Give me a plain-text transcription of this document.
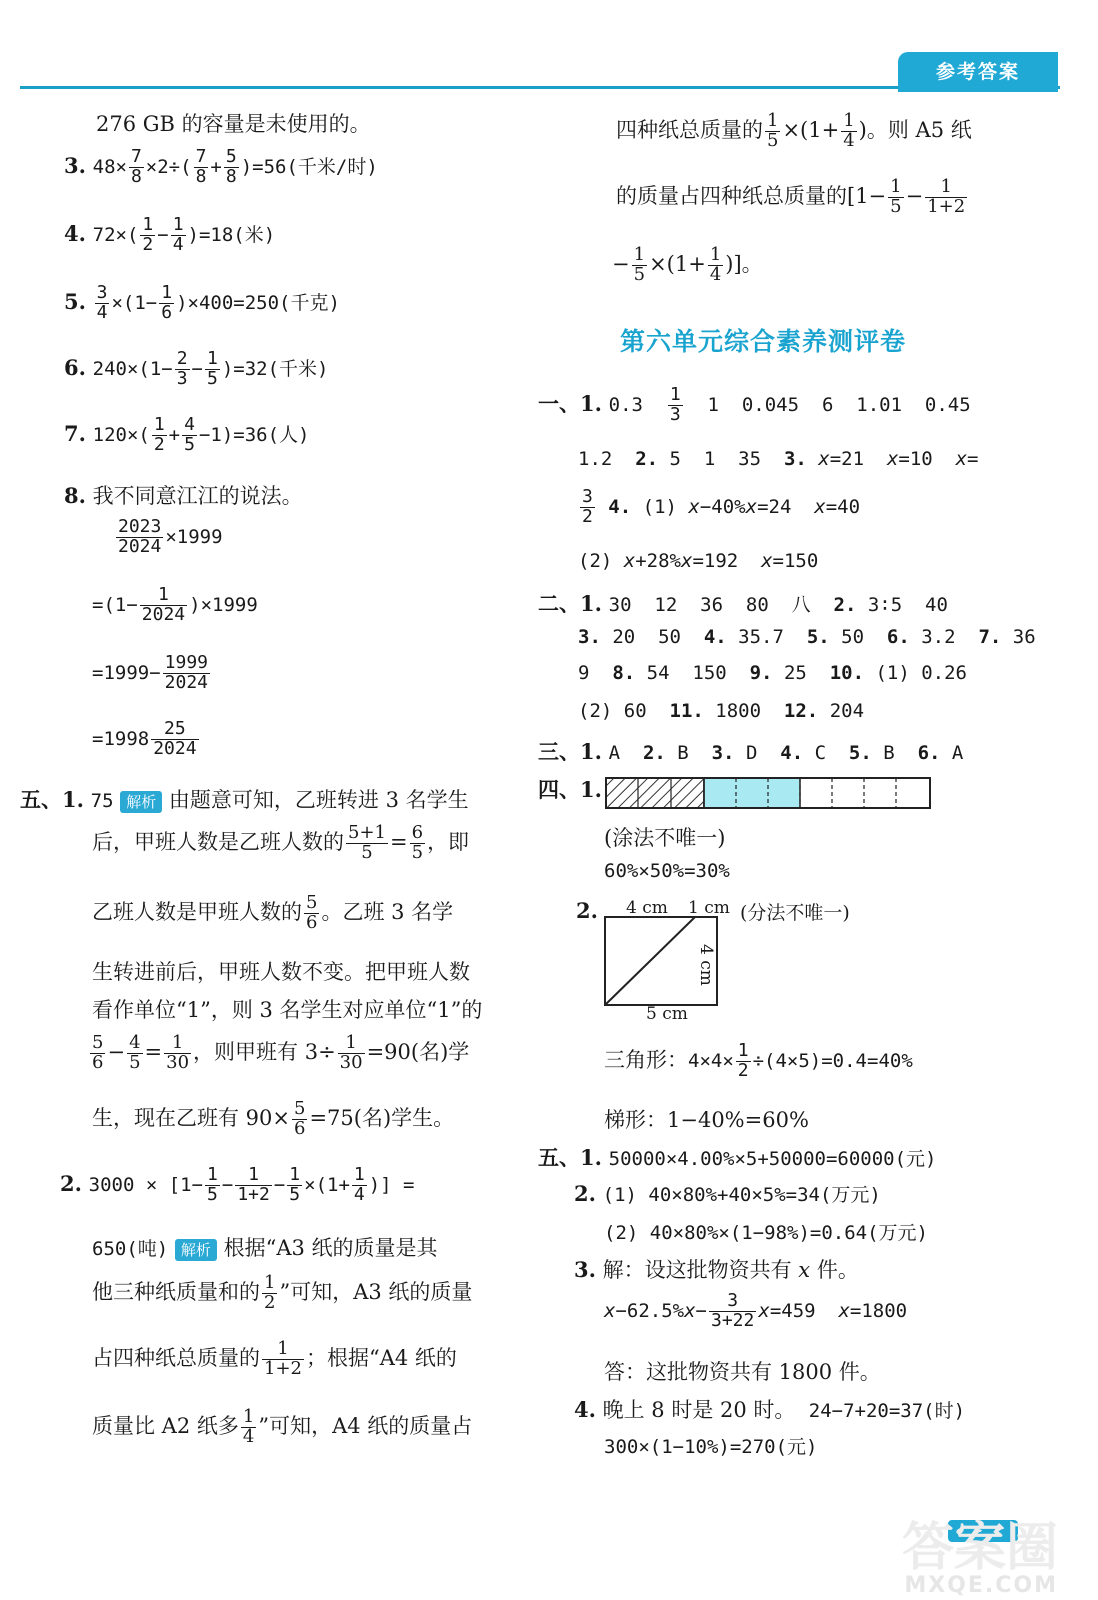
参考答案
276 GB 的容量是未使用的。
3. $48\times \frac{7}{8} \times 2\div( \frac{7}{8} + \frac{5}{8} )=56$(千米/时)
4. $72\times( \frac{1}{2} - \frac{1}{4} )=18$(米)
5. $\frac{3}{4} \times(1- \frac{1}{6} )\times 400=250$(千克)
6. $240\times(1- \frac{2}{3} - \frac{1}{5} )=32$(千米)
7. $120\times( \frac{1}{2} + \frac{4}{5} -1)=36$(人)
8. 我不同意江江的说法。
$\frac{2023}{2024} \times 1999$
$=(1- \frac{1}{2024} )\times 1999$
$=1999- \frac{1999}{2024}$
$=1998 \frac{25}{2024}$
五、1. 75 解析 由题意可知，乙班转进 3 名学生
后，甲班人数是乙班人数的 $\frac{5+1}{5} = \frac{6}{5}$ ，即
乙班人数是甲班人数的 $\frac{5}{6}$ 。乙班 3 名学
生转进前后，甲班人数不变。把甲班人数
看作单位“1”，则 3 名学生对应单位“1”的
$\frac{5}{6} - \frac{4}{5} = \frac{1}{30}$ ，则甲班有 $3\div \frac{1}{30} =90$(名)学
生，现在乙班有 $90\times \frac{5}{6} =75$(名)学生。
2. $3000 \times [1- \frac{1}{5} - \frac{1}{1+2} - \frac{1}{5} \times(1+ \frac{1}{4}$ )] =
650(吨) 解析 根据“A3 纸的质量是其
他三种纸质量和的 $\frac{1}{2}$ ”可知，A3 纸的质量
占四种纸总质量的 $\frac{1}{1+2}$ ；根据“A4 纸的
质量比 A2 纸多 $\frac{1}{4}$ ”可知，A4 纸的质量占
四种纸总质量的 $\frac{1}{5} \times(1+ \frac{1}{4}$ )。则 A5 纸
的质量占四种纸总质量的[$1- \frac{1}{5} - \frac{1}{1+2}$
− $\frac{1}{5} \times(1+ \frac{1}{4}$ )]。
第六单元综合素养测评卷
一、1. $0.3 \frac{1}{3} 1$  0.045  6  1.01  0.45
1.2  2. 5  1  35  3. x=21  x=10  x=
$\frac{3}{2} 4$. (1) x−40%x=24  x=40
(2) x+28%x=192  x=150
二、1. 30  12  36  80  八  2. 3∶5  40
3. 20  50  4. 35.7  5. 50  6. 3.2  7. 36
9  8. 54  150  9. 25  10. (1) 0.26
(2) 60  11. 1800  12. 204
三、1. A  2. B  3. D  4. C  5. B  6. A
四、1.
(涂法不唯一)
60%×50%=30%
2. 4 cm 1 cm (分法不唯一)
4 cm
5 cm
三角形：$4\times 4\times \frac{1}{2} \div(4\times 5)=0.4=40\%$
梯形：1−40%=60%
五、1. 50000×4.00%×5+50000=60000(元)
2. (1) 40×80%+40×5%=34(万元)
(2) 40×80%×(1−98%)=0.64(万元)
3. 解：设这批物资共有 x 件。
$x-62.5\%x- \frac{3}{3+22} x=459$  x=1800
答：这批物资共有 1800 件。
4. 晚上 8 时是 20 时。  24−7+20=37(时)
300×(1−10%)=270(元)
答案圈
MXQE.COM
